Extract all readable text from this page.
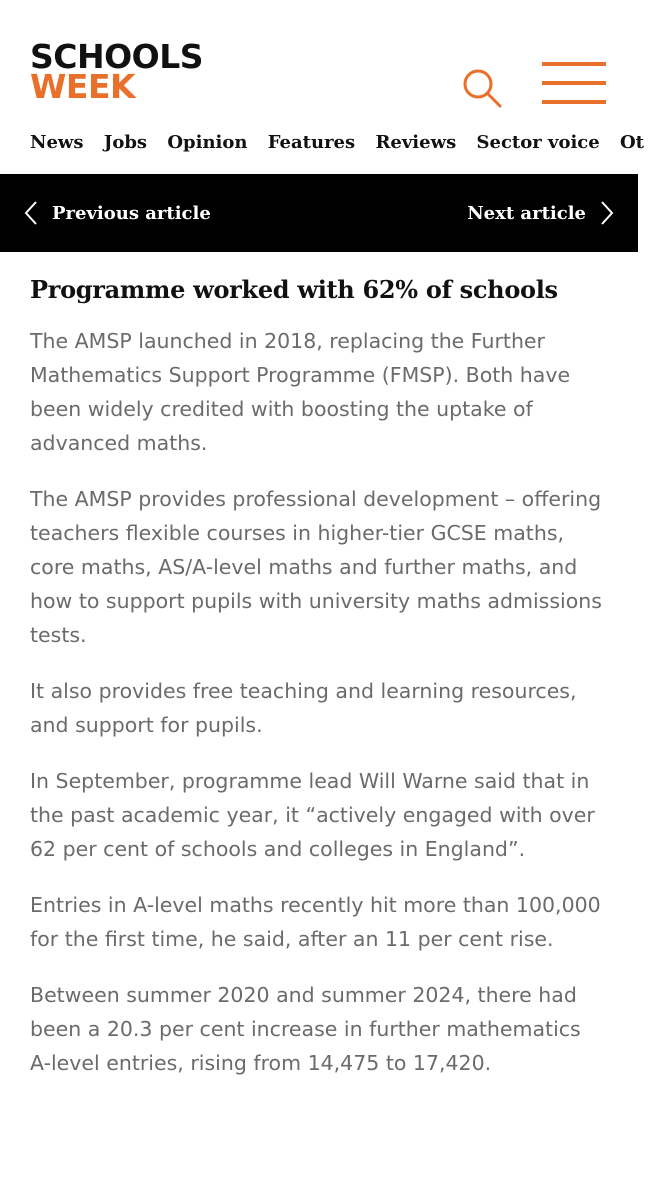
SCHOOLS
WEEK
News Jobs Opinion Features Reviews Sector voice Ot
Previous article	Next article
Programme worked with 62% of schools

The AMSP launched in 2018, replacing the Further Mathematics Support Programme (FMSP). Both have been widely credited with boosting the uptake of advanced maths.

The AMSP provides professional development – offering teachers flexible courses in higher-tier GCSE maths, core maths, AS/A-level maths and further maths, and how to support pupils with university maths admissions tests.

It also provides free teaching and learning resources, and support for pupils.

In September, programme lead Will Warne said that in the past academic year, it “actively engaged with over 62 per cent of schools and colleges in England”.

Entries in A-level maths recently hit more than 100,000 for the first time, he said, after an 11 per cent rise.

Between summer 2020 and summer 2024, there had been a 20.3 per cent increase in further mathematics A-level entries, rising from 14,475 to 17,420.
